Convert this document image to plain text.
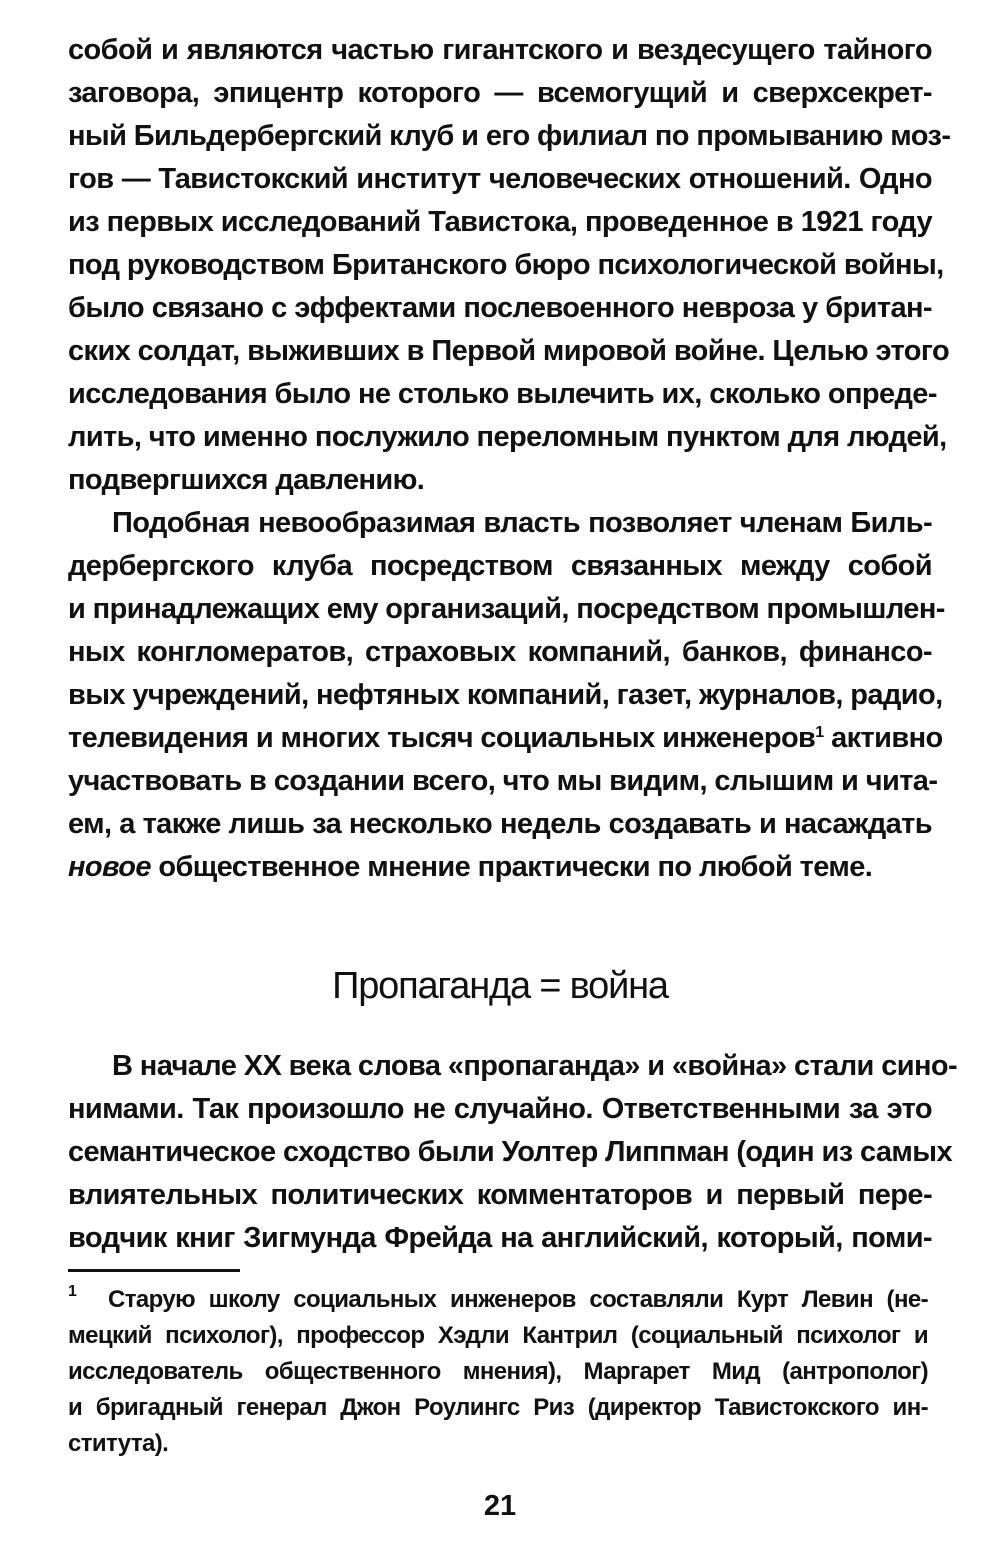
собой и являются частью гигантского и вездесущего тайного
заговора, эпицентр которого — всемогущий и сверхсекрет-
ный Бильдербергский клуб и его филиал по промыванию моз-
гов — Тавистокский институт человеческих отношений. Одно
из первых исследований Тавистока, проведенное в 1921 году
под руководством Британского бюро психологической войны,
было связано с эффектами послевоенного невроза у британ-
ских солдат, выживших в Первой мировой войне. Целью этого
исследования было не столько вылечить их, сколько опреде-
лить, что именно послужило переломным пунктом для людей,
подвергшихся давлению.
Подобная невообразимая власть позволяет членам Биль-
дербергского клуба посредством связанных между собой
и принадлежащих ему организаций, посредством промышлен-
ных конгломератов, страховых компаний, банков, финансо-
вых учреждений, нефтяных компаний, газет, журналов, радио,
телевидения и многих тысяч социальных инженеров$^1$ активно
участвовать в создании всего, что мы видим, слышим и чита-
ем, а также лишь за несколько недель создавать и насаждать
новое общественное мнение практически по любой теме.
Пропаганда = война
В начале XX века слова «пропаганда» и «война» стали сино-
нимами. Так произошло не случайно. Ответственными за это
семантическое сходство были Уолтер Липпман (один из самых
влиятельных политических комментаторов и первый пере-
водчик книг Зигмунда Фрейда на английский, который, поми-
1 Старую школу социальных инженеров составляли Курт Левин (не-
мецкий психолог), профессор Хэдли Кантрил (социальный психолог и
исследователь общественного мнения), Маргарет Мид (антрополог)
и бригадный генерал Джон Роулингс Риз (директор Тавистокского ин-
ститута).
21
